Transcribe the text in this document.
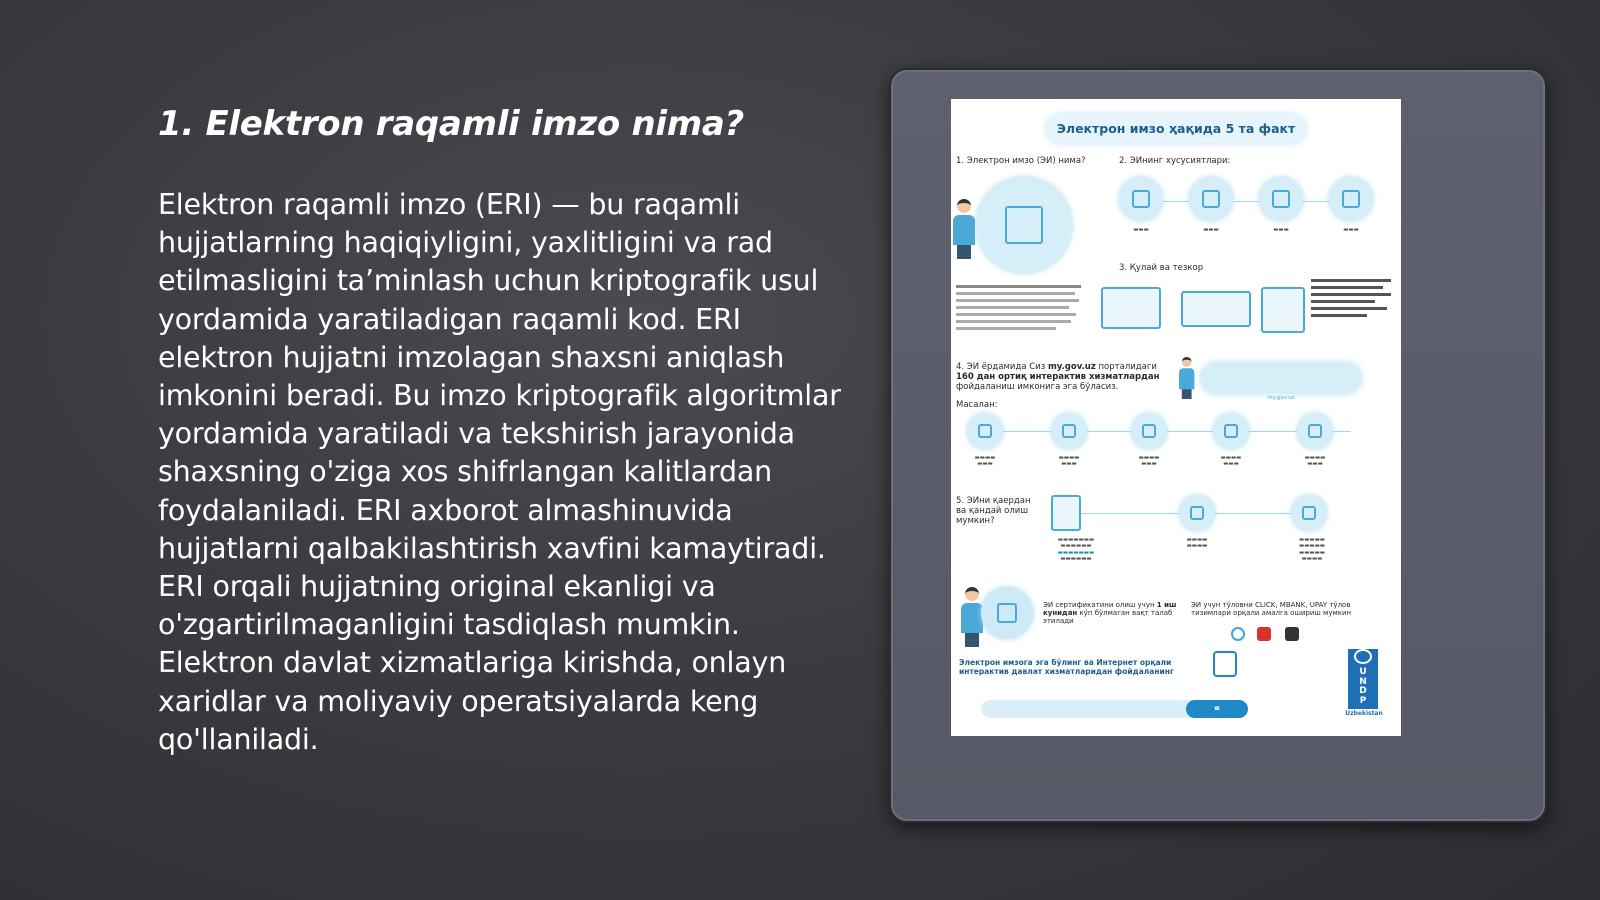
1. Elektron raqamli imzo nima?

Elektron raqamli imzo (ERI) — bu raqamli hujjatlarning haqiqiyligini, yaxlitligini va rad etilmasligini ta’minlash uchun kriptografik usul yordamida yaratiladigan raqamli kod. ERI elektron hujjatni imzolagan shaxsni aniqlash imkonini beradi. Bu imzo kriptografik algoritmlar yordamida yaratiladi va tekshirish jarayonida shaxsning o'ziga xos shifrlangan kalitlardan foydalaniladi. ERI axborot almashinuvida hujjatlarni qalbakilashtirish xavfini kamaytiradi. ERI orqali hujjatning original ekanligi va o'zgartirilmaganligini tasdiqlash mumkin. Elektron davlat xizmatlariga kirishda, onlayn xaridlar va moliyaviy operatsiyalarda keng qo'llaniladi.

Электрон имзо ҳақида 5 та факт
1. Электрон имзо (ЭИ) нима?	2. ЭИнинг хусусиятлари:
▬▬▬	▬▬▬	▬▬▬	▬▬▬
3. Қулай ва тезкор
4. ЭИ ёрдамида Сиз my.gov.uz порталидаги
160 дан ортиқ интерактив хизматлардан
фойдаланиш имконига эга бўласиз.
my.gov.uz
Масалан:
▬▬▬▬
▬▬▬
▬▬▬▬
▬▬▬
▬▬▬▬
▬▬▬
▬▬▬▬
▬▬▬
▬▬▬▬
▬▬▬
5. ЭИни қаердан ва қандай олиш мумкин?
▬▬▬▬▬▬▬
▬▬▬▬▬▬
▬▬▬▬▬▬▬
▬▬▬▬▬▬
▬▬▬▬
▬▬▬▬
▬▬▬▬▬
▬▬▬▬▬
▬▬▬▬▬
▬▬▬▬
ЭИ сертификатини олиш учун 1 иш кунидан кўп бўлмаган вақт талаб этилади
ЭИ учун тўловни CLICK, MBANK, UPAY тўлов тизимлари орқали амалга ошириш мумкин
Электрон имзога эга бўлинг ва Интернет орқали интерактив давлат хизматларидан фойдаланинг
☎
U
N
D
P
Uzbekistan
